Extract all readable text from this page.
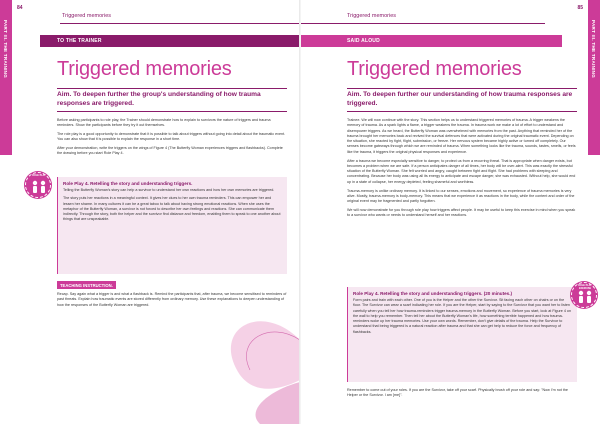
PART III. THE TRAINING
84
Triggered memories
TO THE TRAINER
Triggered memories
Aim. To deepen further the group's understanding of how trauma responses are triggered.

Before asking participants to role play, the Trainer should demonstrate how to explain to survivors the nature of triggers and trauma reminders. Show the participants before they try it out themselves.

The role play is a good opportunity to demonstrate that it is possible to talk about triggers without going into detail about the traumatic event. You can also show that it is possible to explain the response in a short time.

After your demonstration, write the triggers on the wings of Figure 4 (The Butterfly Woman experiences triggers and flashbacks). Complete the drawing before you start Role Play 4.

ROLE PLAY
Role Play 4. Retelling the story and understanding triggers.

Telling the Butterfly Woman's story can help a survivor to understand her own reactions and how her own memories are triggered.

The story puts her reactions in a meaningful context. It gives her clues to her own trauma reminders. This can empower her and lessen her shame. In many cultures it can be a great taboo to talk about having strong emotional reactions. When she uses the metaphor of the Butterfly Woman, a survivor is not forced to describe her own feelings and reactions. She can communicate them indirectly. Through the story, both the helper and the survivor find distance and freedom, enabling them to speak to one another about things that are unspeakable.

TEACHING INSTRUCTION.
Recap. Say again what a trigger is and what a flashback is. Remind the participants that, after trauma, we become sensitised to reminders of past threats. Explain how traumatic events are stored differently from ordinary memory. Use these explanations to deepen understanding of how the responses of the Butterfly Woman are triggered.
PART III. THE TRAINING
85
Triggered memories
SAID ALOUD
Triggered memories
Aim. To deepen further our understanding of how trauma responses are triggered.

Trainee. We will now continue with the story. This section helps us to understand triggered memories of trauma. A trigger weakens the memory of trauma. As a spark lights a flame, a trigger weakens the trauma. In trauma work we make a lot of effort to understand and disempower triggers. As we heard, the Butterfly Woman was overwhelmed with memories from the past. Anything that reminded her of the trauma brought her memories back and revived the survival defences that were activated during the original traumatic event. Depending on the situation, she reacted by fight, flight, submission, or freeze. Her nervous system became highly active or turned off completely. Our senses become gateways through which we are reminded of trauma. When something looks like the trauma, sounds, tastes, smells, or feels like the trauma, it triggers the original physical responses and experience.

After a trauma we become especially sensitive to danger, to protect us from a recurring threat. That is appropriate when danger exists, but becomes a problem when we are safe. If a person anticipates danger of all times, her body will be over-alert. This was exactly the stressful situation of the Butterfly Woman. She felt worried and angry, caught between fight and flight. She had problems with sleeping and concentrating. Because her body was using all its energy to anticipate and escape danger, she was exhausted. Without help, she would end up in a state of collapse, her energy depleted, feeling shameful and worthless.

Trauma-memory is unlike ordinary memory. It is linked to our senses, emotions and movement, so experience of trauma memories is very alive. Mostly, trauma-memory is body-memory. This means that we experience it as reactions in the body, while the content and order of the original event may be fragmented and partly forgotten.

We will now demonstrate for you through role play how triggers affect people. It may be useful to keep this exercise in mind when you speak to a survivor who wants or needs to understand herself and her reactions.

Role Play 4. Retelling the story and understanding triggers. (20 minutes.)
Form pairs and train with each other. One of you is the Helper and the other the Survivor. Sit facing each other on chairs or on the floor. The Survivor can wear a scarf indicating her role. If you are the Helper, start by saying to the Survivor that you want her to listen carefully when you tell her how trauma-reminders trigger trauma-memory in the Butterfly Woman. Before you start, look at Figure 4 on the wall to help you remember. Then tell her about the Butterfly Woman's life, how something terrible happened and how trauma-reminders woke up her trauma memories. Use your own words. Remember, don't give details of the trauma. Help the Survivor to understand that being triggered is a natural reaction after trauma and that she can get help to reduce the force and frequency of flashbacks.
ROLE PLAY EXERCISE
Remember to come out of your roles. If you are the Survivor, take off your scarf. Physically brush off your role and say: "Now I'm not the Helper or the Survivor. I am [me]".
